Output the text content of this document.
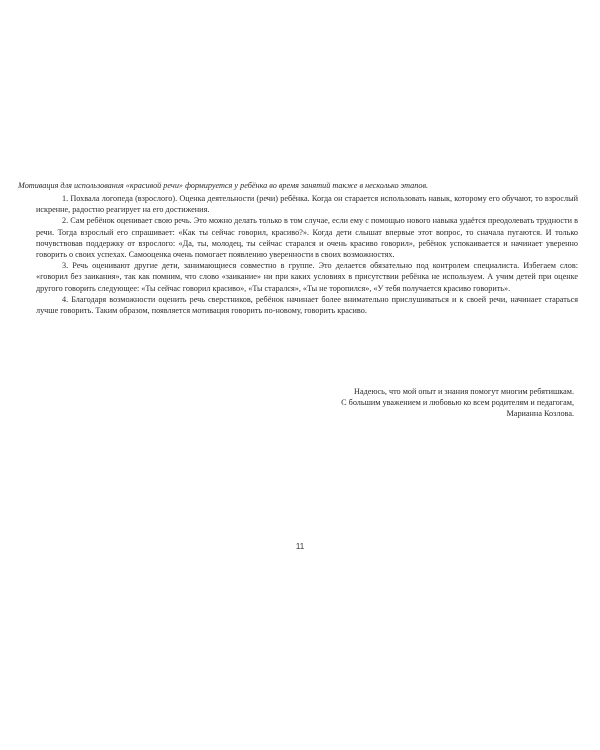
Мотивация для использования «красивой речи» формируется у ребёнка во время занятий также в несколько этапов.

1. Похвала логопеда (взрослого). Оценка деятельности (речи) ребёнка. Когда он старается использовать навык, которому его обучают, то взрослый искренне, радостно реагирует на его достижения.

2. Сам ребёнок оценивает свою речь. Это можно делать только в том случае, если ему с помощью нового навыка удаётся преодолевать трудности в речи. Тогда взрослый его спрашивает: «Как ты сейчас говорил, красиво?». Когда дети слышат впервые этот вопрос, то сначала пугаются. И только почувствовав поддержку от взрослого: «Да, ты, молодец, ты сейчас старался и очень красиво говорил», ребёнок успокаивается и начинает уверенно говорить о своих успехах. Самооценка очень помогает появлению уверенности в своих возможностях.

3. Речь оценивают другие дети, занимающиеся совместно в группе. Это делается обязательно под контролем специалиста. Избегаем слов: «говорил без заикания», так как помним, что слово «заикание» ни при каких условиях в присутствии ребёнка не используем. А учим детей при оценке другого говорить следующее: «Ты сейчас говорил красиво», «Ты старался», «Ты не торопился», «У тебя получается красиво говорить».

4. Благодаря возможности оценить речь сверстников, ребёнок начинает более внимательно прислушиваться и к своей речи, начинает стараться лучше говорить. Таким образом, появляется мотивация говорить по-новому, говорить красиво.

Надеюсь, что мой опыт и знания помогут многим ребятишкам.
С большим уважением и любовью ко всем родителям и педагогам,
Марианна Козлова.
11
